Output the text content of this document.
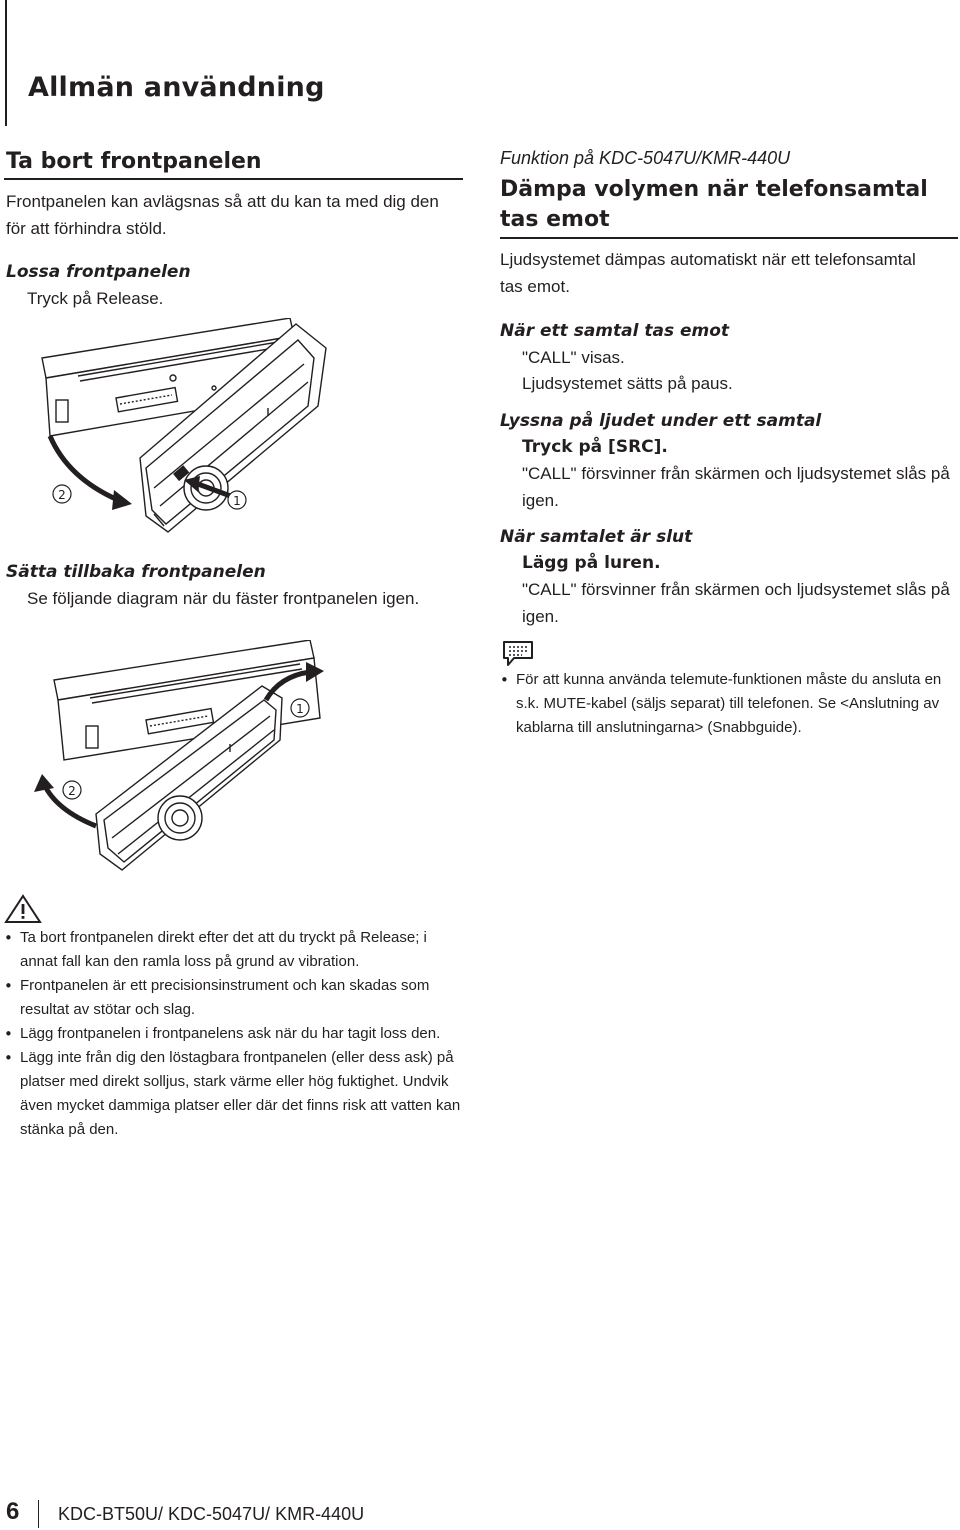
Allmän användning
Ta bort frontpanelen
Frontpanelen kan avlägsnas så att du kan ta med dig den för att förhindra stöld.
Lossa frontpanelen
Tryck på Release.
2	1
Sätta tillbaka frontpanelen
Se följande diagram när du fäster frontpanelen igen.
1
2
• Ta bort frontpanelen direkt efter det att du tryckt på Release; i annat fall kan den ramla loss på grund av vibration.
• Frontpanelen är ett precisionsinstrument och kan skadas som resultat av stötar och slag.
• Lägg frontpanelen i frontpanelens ask när du har tagit loss den.
• Lägg inte från dig den löstagbara frontpanelen (eller dess ask) på platser med direkt solljus, stark värme eller hög fuktighet. Undvik även mycket dammiga platser eller där det finns risk att vatten kan stänka på den.
Funktion på KDC-5047U/KMR-440U
Dämpa volymen när telefonsamtal tas emot
Ljudsystemet dämpas automatiskt när ett telefonsamtal tas emot.
När ett samtal tas emot
"CALL" visas.
Ljudsystemet sätts på paus.
Lyssna på ljudet under ett samtal
Tryck på [SRC].
"CALL" försvinner från skärmen och ljudsystemet slås på igen.
När samtalet är slut
Lägg på luren.
"CALL" försvinner från skärmen och ljudsystemet slås på igen.
• För att kunna använda telemute-funktionen måste du ansluta en s.k. MUTE-kabel (säljs separat) till telefonen. Se <Anslutning av kablarna till anslutningarna> (Snabbguide).
6 KDC-BT50U/ KDC-5047U/ KMR-440U
